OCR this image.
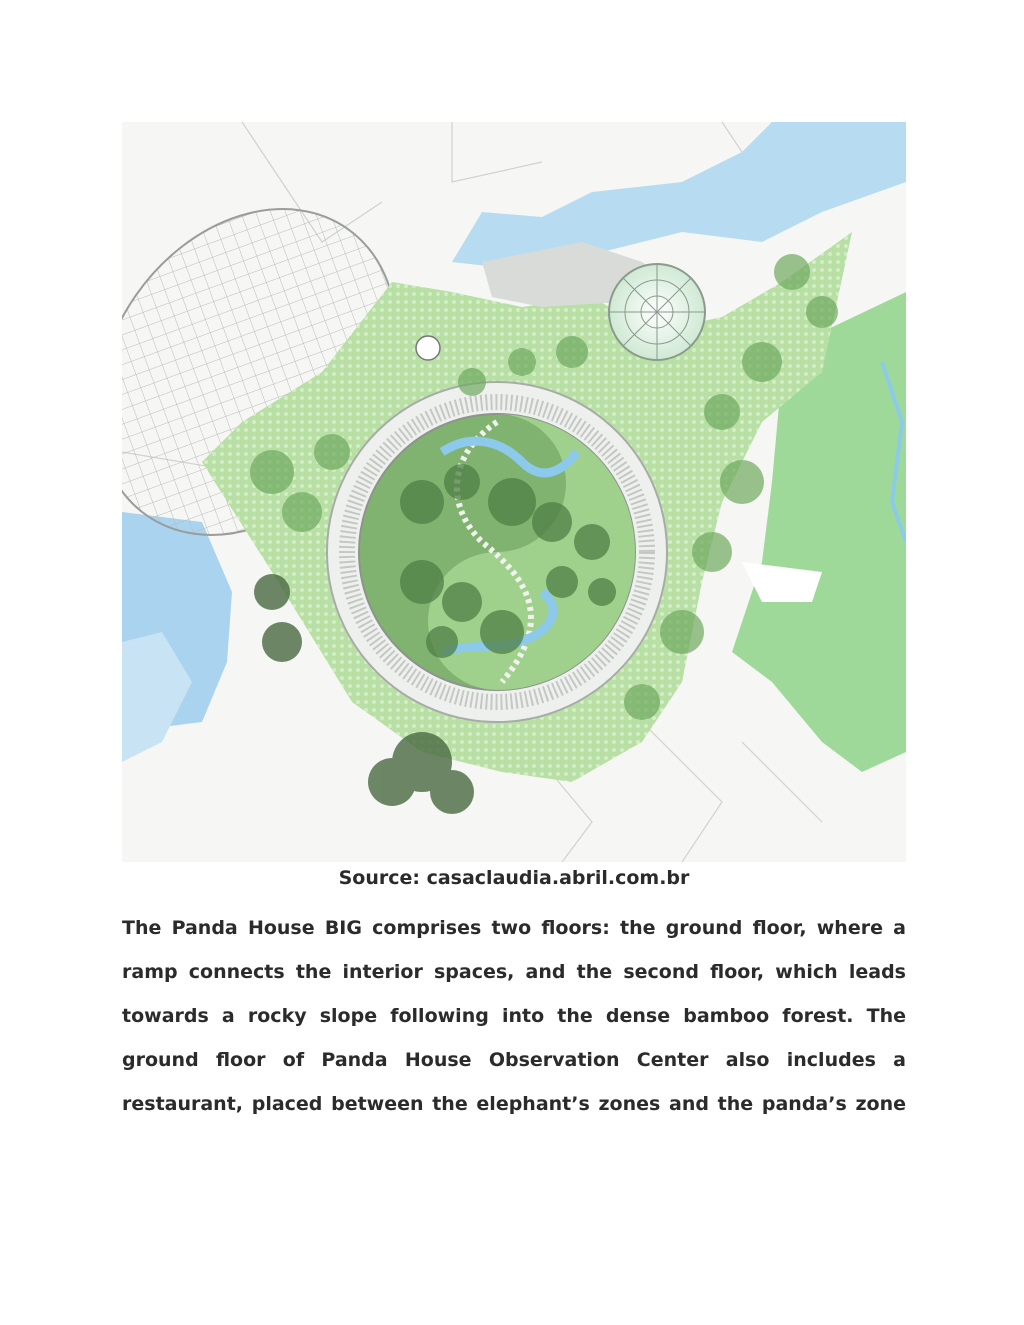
Source: casaclaudia.abril.com.br
The Panda House BIG comprises two floors: the ground floor, where a
ramp connects the interior spaces, and the second floor, which leads
towards a rocky slope following into the dense bamboo forest. The
ground floor of Panda House Observation Center also includes a
restaurant, placed between the elephant’s zones and the panda’s zone
